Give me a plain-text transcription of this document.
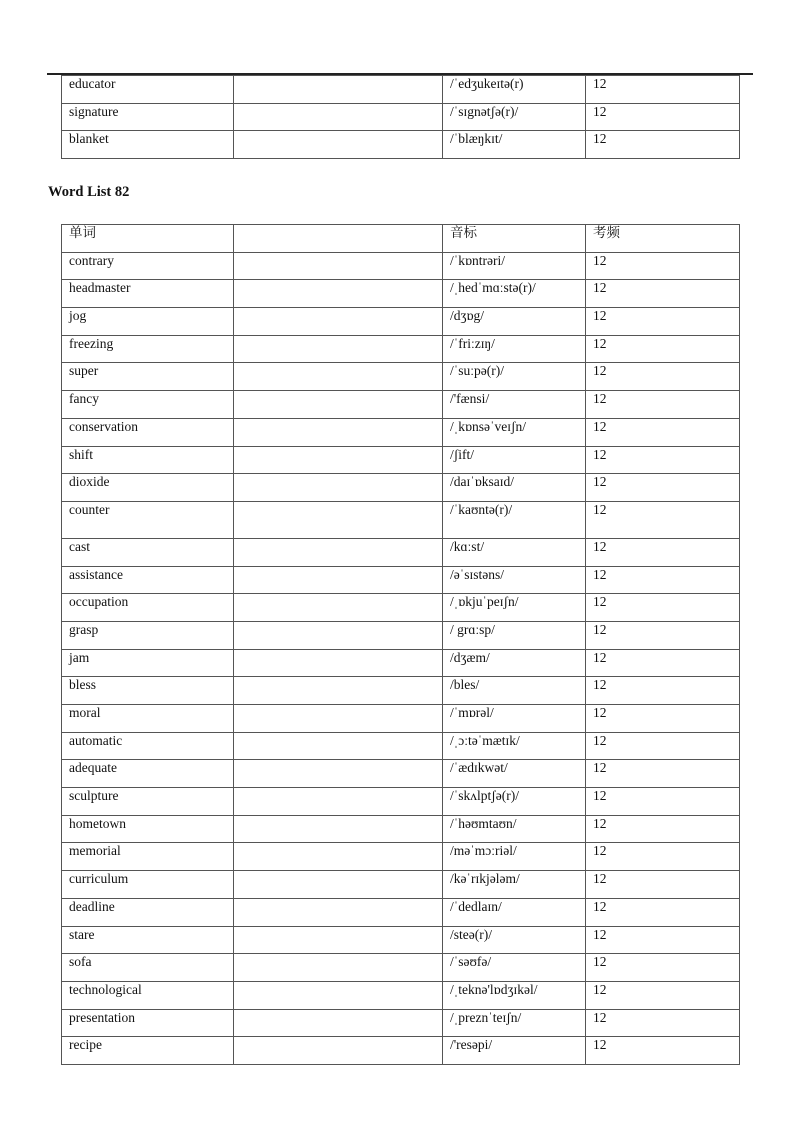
educator		/ˈedʒukeɪtə(r)	12
signature		/ˈsɪgnətʃə(r)/	12
blanket		/ˈblæŋkɪt/	12
Word List 82
单词		音标	考频
contrary		/ˈkɒntrəri/	12
headmaster		/ˌhedˈmɑːstə(r)/	12
jog		/dʒɒg/	12
freezing		/ˈfriːzɪŋ/	12
super		/ˈsuːpə(r)/	12
fancy		/'fænsi/	12
conservation		/ˌkɒnsəˈveɪʃn/	12
shift		/ʃift/	12
dioxide		/daɪˈɒksaɪd/	12
counter		/ˈkaʊntə(r)/	12
cast		/kɑːst/	12
assistance		/əˈsɪstəns/	12
occupation		/ˌɒkjuˈpeɪʃn/	12
grasp		/ grɑːsp/	12
jam		/dʒæm/	12
bless		/bles/	12
moral		/ˈmɒrəl/	12
automatic		/ˌɔːtəˈmætɪk/	12
adequate		/ˈædɪkwət/	12
sculpture		/ˈskʌlptʃə(r)/	12
hometown		/ˈhəʊmtaʊn/	12
memorial		/məˈmɔːriəl/	12
curriculum		/kəˈrɪkjələm/	12
deadline		/ˈdedlaɪn/	12
stare		/steə(r)/	12
sofa		/ˈsəʊfə/	12
technological		/ˌteknə'lɒdʒɪkəl/	12
presentation		/ˌpreznˈteɪʃn/	12
recipe		/'resəpi/	12
